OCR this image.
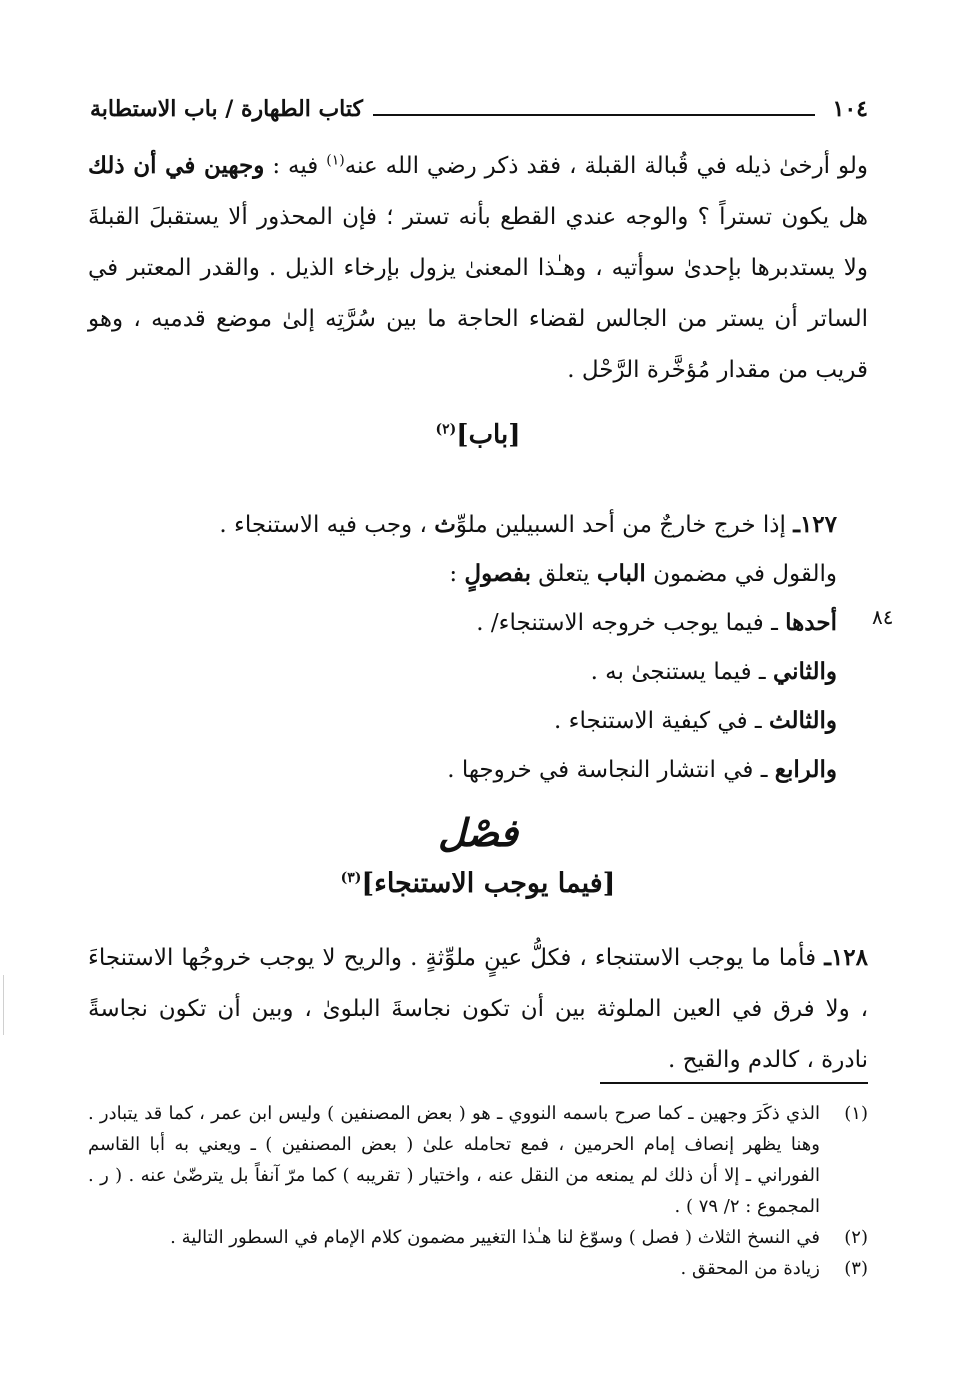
١٠٤
كتاب الطهارة / باب الاستطابة

ولو أرخىٰ ذيله في قُبالة القبلة ، فقد ذكر رضي الله عنه$^{(١)}$ فيه : وجهين في أن ذلك هل يكون تستراً ؟ والوجه عندي القطع بأنه تستر ؛ فإن المحذور ألا يستقبلَ القبلةَ ولا يستدبرها بإحدىٰ سوأتيه ، وهـٰذا المعنىٰ يزول بإرخاء الذيل . والقدر المعتبر في الساتر أن يستر من الجالس لقضاء الحاجة ما بين سُرَّتِه إلىٰ موضع قدميه ، وهو قريب من مقدار مُؤخَّرة الرَّحْل .

[باب]$^{(٢)}$
١٢٧ـ إذا خرج خارجٌ من أحد السبيلين ملوِّث ، وجب فيه الاستنجاء .
والقول في مضمون الباب يتعلق بفصولٍ :
أحدها ـ فيما يوجب خروجه الاستنجاء/ .
والثاني ـ فيما يستنجىٰ به .
والثالث ـ في كيفية الاستنجاء .
والرابع ـ في انتشار النجاسة في خروجها .
٨٤
فصْل
[فيما يوجب الاستنجاء]$^{(٣)}$

١٢٨ـ فأما ما يوجب الاستنجاء ، فكلُّ عينٍ ملوِّثةٍ . والريح لا يوجب خروجُها الاستنجاءَ ، ولا فرق في العين الملوثة بين أن تكون نجاسةَ البلوىٰ ، وبين أن تكون نجاسةً نادرة ، كالدم والقيح .

(١)
الذي ذكَرَ وجهين ـ كما صرح باسمه النووي ـ هو ( بعض المصنفين ) وليس ابن عمر ، كما قد يتبادر . وهنا يظهر إنصاف إمام الحرمين ، فمع تحامله علىٰ ( بعض المصنفين ) ـ ويعني به أبا القاسم الفوراني ـ إلا أن ذلك لم يمنعه من النقل عنه ، واختيار ( تقريبه ) كما مرّ آنفاً بل يترضّىٰ عنه . ( ر . المجموع : ٢/ ٧٩ ) .
(٢)
في النسخ الثلاث ( فصل ) وسوّغ لنا هـٰذا التغيير مضمون كلام الإمام في السطور التالية .
(٣)
زيادة من المحقق .
